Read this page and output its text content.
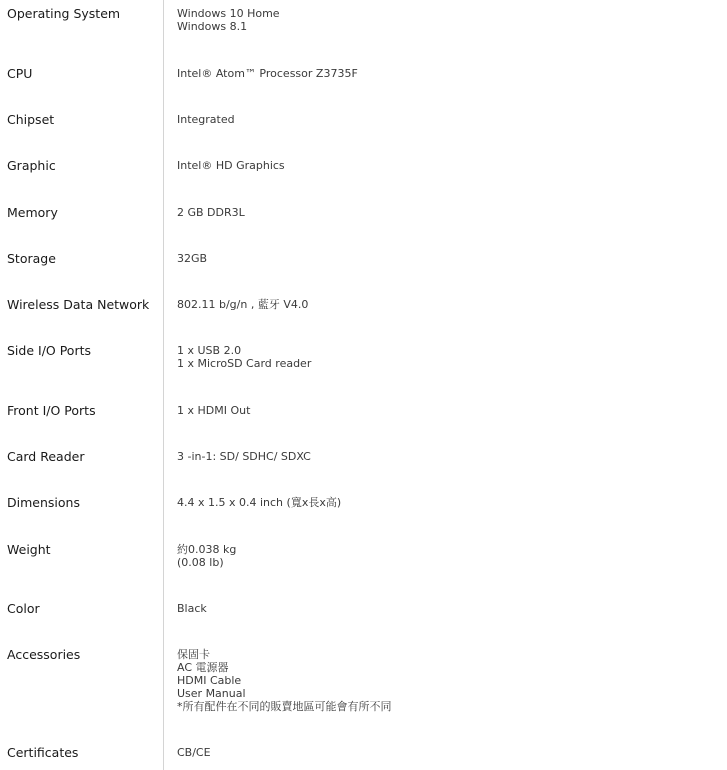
Operating System	Windows 10 Home
Windows 8.1
CPU	Intel® Atom™ Processor Z3735F
Chipset	Integrated
Graphic	Intel® HD Graphics
Memory	2 GB DDR3L
Storage	32GB
Wireless Data Network	802.11 b/g/n , 藍牙 V4.0
Side I/O Ports	1 x USB 2.0
1 x MicroSD Card reader
Front I/O Ports	1 x HDMI Out
Card Reader	3 -in-1: SD/ SDHC/ SDXC
Dimensions	4.4 x 1.5 x 0.4 inch (寬x長x高)
Weight	約0.038 kg
(0.08 lb)
Color	Black
Accessories	保固卡
AC 電源器
HDMI Cable
User Manual
*所有配件在不同的販賣地區可能會有所不同
Certificates	CB/CE
